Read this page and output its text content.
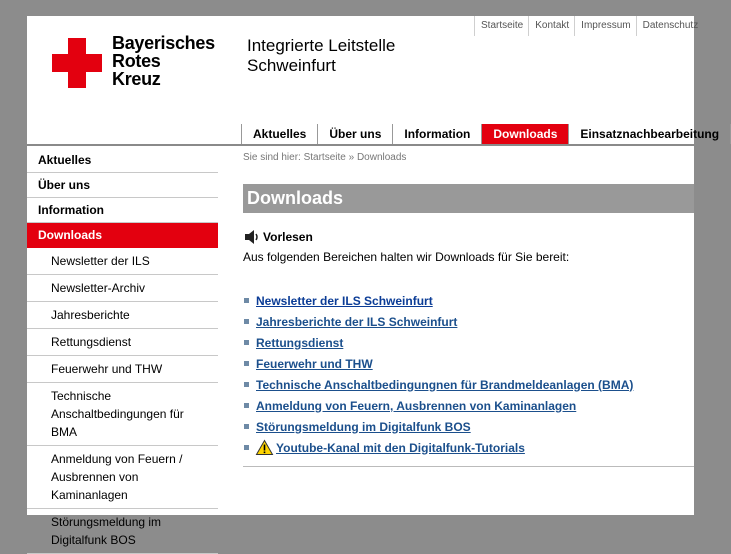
Bayerisches
Rotes
Kreuz
Integrierte Leitstelle
Schweinfurt
Startseite	Kontakt	Impressum	Datenschutz
Aktuelles	Über uns	Information	Downloads	Einsatznachbearbeitung
Aktuelles
Über uns
Information
Downloads
Newsletter der ILS
Newsletter-Archiv
Jahresberichte
Rettungsdienst
Feuerwehr und THW
Technische Anschaltbedingungen für BMA
Anmeldung von Feuern / Ausbrennen von Kaminanlagen
Störungsmeldung im Digitalfunk BOS
Sie sind hier: Startseite » Downloads
Downloads
Vorlesen
Aus folgenden Bereichen halten wir Downloads für Sie bereit:
Newsletter der ILS Schweinfurt
Jahresberichte der ILS Schweinfurt
Rettungsdienst
Feuerwehr und THW
Technische Anschaltbedingungnen für Brandmeldeanlagen (BMA)
Anmeldung von Feuern, Ausbrennen von Kaminanlagen
Störungsmeldung im Digitalfunk BOS
Youtube-Kanal mit den Digitalfunk-Tutorials
